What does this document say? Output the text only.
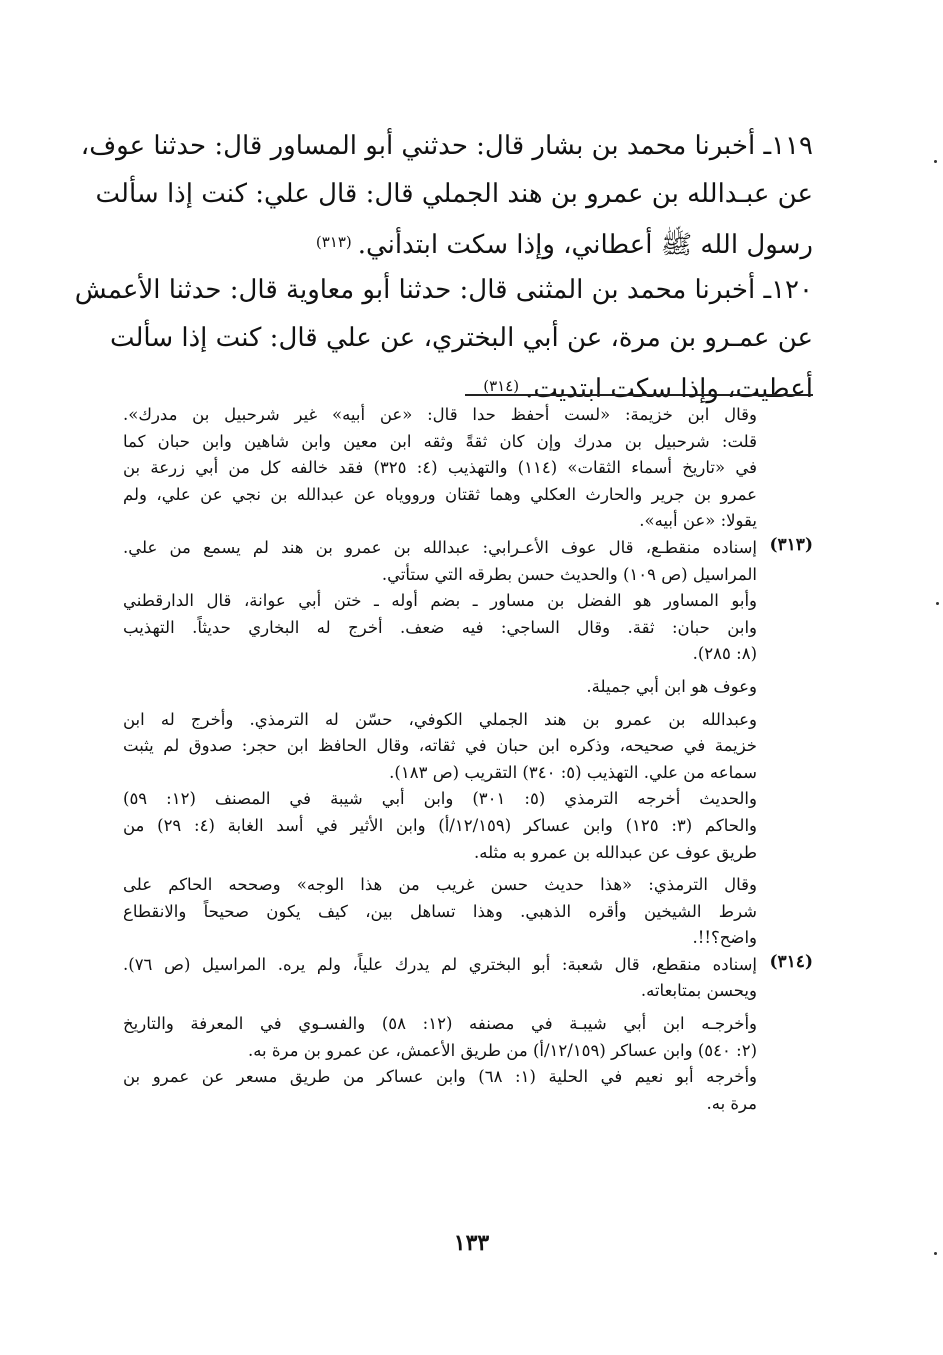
١١٩ـ أخبرنا محمد بن بشار قال: حدثني أبو المساور قال: حدثنا عوف،
عن عبـدالله بن عمرو بن هند الجملي قال: قال علي: كنت إذا سألت
رسول الله ﷺ أعطاني، وإذا سكت ابتدأني.$^{(٣١٣)}$
١٢٠ـ أخبرنا محمد بن المثنى قال: حدثنا أبو معاوية قال: حدثنا الأعمش
عن عمـرو بن مرة، عن أبي البختري، عن علي قال: كنت إذا سألت
أعطيت، وإذا سكت ابتديت.$^{(٣١٤)}$
وقال ابن خزيمة: «لست أحفظ حدا قال: «عن أبيه» غير شرحبيل بن مدرك».
قلت: شرحبيل بن مدرك وإن كان ثقةً وثقه ابن معين وابن شاهين وابن حبان كما
في «تاريخ أسماء الثقات» (١١٤) والتهذيب (٤: ٣٢٥) فقد خالفه كل من أبي زرعة بن
عمرو بن جرير والحارث العكلي وهما ثقتان ورووياه عن عبدالله بن نجي عن علي، ولم
يقولا: «عن أبيه».
(٣١٣)
إسناده منقطـع، قال عوف الأعـرابي: عبدالله بن عمرو بن هند لم يسمع من علي.
المراسيل (ص ١٠٩) والحديث حسن بطرقه التي ستأتي.
وأبو المساور هو الفضل بن مساور ـ بضم أوله ـ ختن أبي عوانة، قال الدارقطني
وابن حبان: ثقة. وقال الساجي: فيه ضعف. أخرج له البخاري حديثاً. التهذيب
(٨: ٢٨٥).
وعوف هو ابن أبي جميلة.
وعبدالله بن عمرو بن هند الجملي الكوفي، حسّن له الترمذي. وأخرج له ابن
خزيمة في صحيحه، وذكره ابن حبان في ثقاته، وقال الحافظ ابن حجر: صدوق لم يثبت
سماعه من علي. التهذيب (٥: ٣٤٠) التقريب (ص ١٨٣).
والحديث أخرجه الترمذي (٥: ٣٠١) وابن أبي شيبة في المصنف (١٢: ٥٩)
والحاكم (٣: ١٢٥) وابن عساكر (١٢/١٥٩/أ) وابن الأثير في أسد الغابة (٤: ٢٩) من
طريق عوف عن عبدالله بن عمرو به مثله.
وقال الترمذي: «هذا حديث حسن غريب من هذا الوجه» وصححه الحاكم على
شرط الشيخين وأقره الذهبي. وهذا تساهل بين، كيف يكون صحيحاً والانقطاع
واضح؟!!.
(٣١٤)
إسناده منقطع، قال شعبة: أبو البختري لم يدرك علياً، ولم يره. المراسيل (ص ٧٦).
ويحسن بمتابعاته.
وأخرجـه ابن أبي شيبـة في مصنفه (١٢: ٥٨) والفسـوي في المعرفة والتاريخ
(٢: ٥٤٠) وابن عساكر (١٢/١٥٩/أ) من طريق الأعمش، عن عمرو بن مرة به.
وأخرجه أبو نعيم في الحلية (١: ٦٨) وابن عساكر من طريق مسعر عن عمرو بن
مرة به.
١٣٣
